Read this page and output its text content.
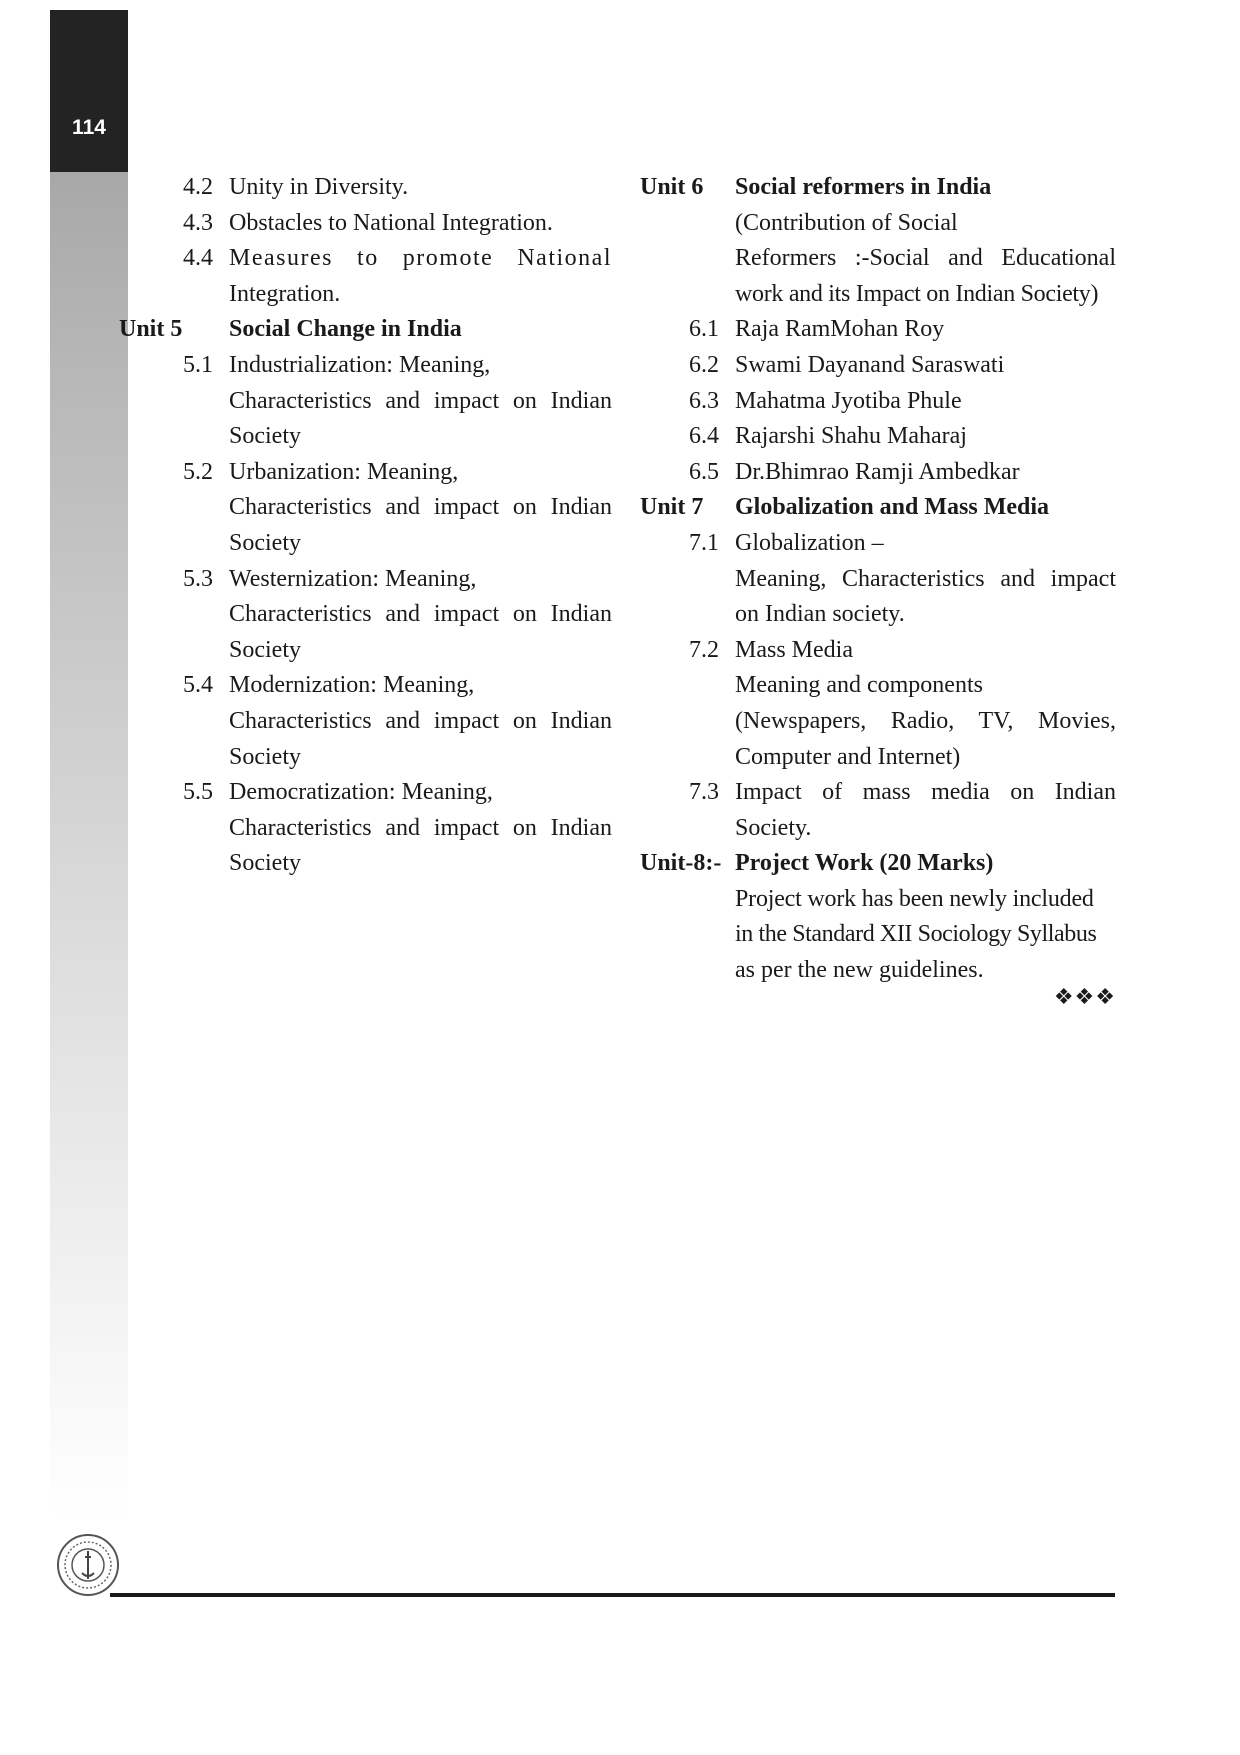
114
4.2 Unity in Diversity.
4.3 Obstacles to National Integration.
4.4 Measures to promote National
Integration.
Unit 5	Social Change in India
5.1 Industrialization: Meaning,
Characteristics and impact on Indian
Society
5.2 Urbanization: Meaning,
Characteristics and impact on Indian
Society
5.3 Westernization: Meaning,
Characteristics and impact on Indian
Society
5.4 Modernization: Meaning,
Characteristics and impact on Indian
Society
5.5 Democratization: Meaning,
Characteristics and impact on Indian
Society
Unit 6	Social reformers in India
(Contribution of Social
Reformers :-Social and Educational
work and its Impact on Indian Society)
6.1 Raja RamMohan Roy
6.2 Swami Dayanand Saraswati
6.3 Mahatma Jyotiba Phule
6.4 Rajarshi Shahu Maharaj
6.5 Dr.Bhimrao Ramji Ambedkar
Unit 7	Globalization and Mass Media
7.1 Globalization –
Meaning, Characteristics and impact
on Indian society.
7.2 Mass Media
Meaning and components
(Newspapers, Radio, TV, Movies,
Computer and Internet)
7.3 Impact of mass media on Indian
Society.
Unit-8:- Project Work (20 Marks)
Project work has been newly included
in the Standard XII Sociology Syllabus
as per the new guidelines.
❖❖❖
